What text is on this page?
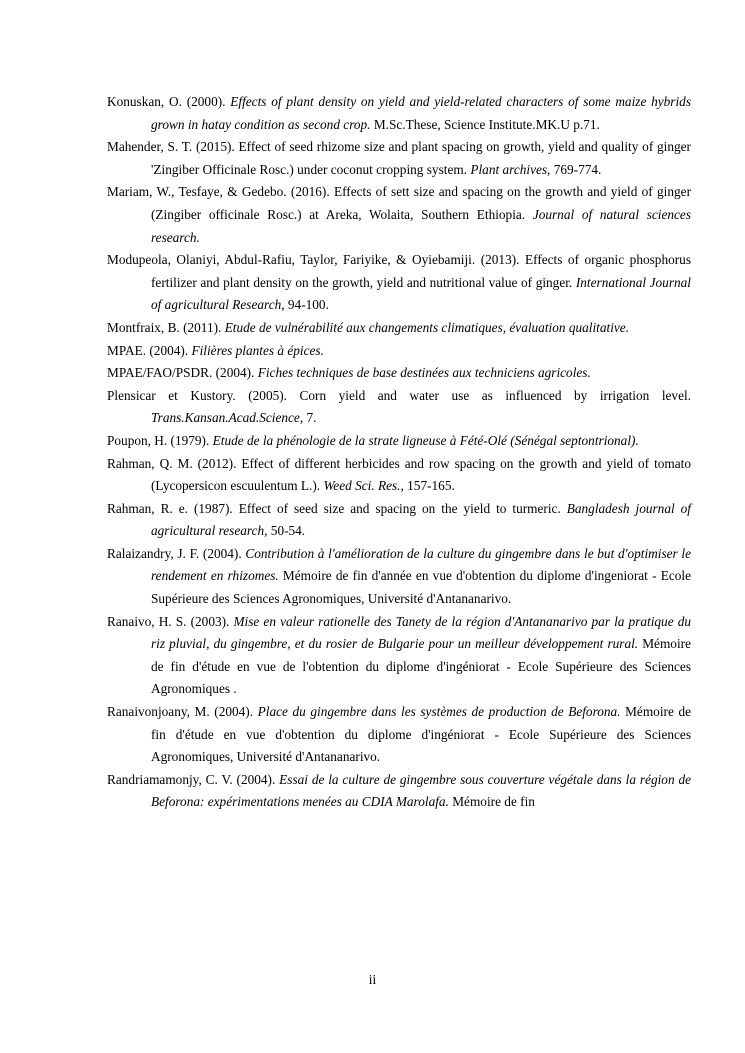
Konuskan, O. (2000). Effects of plant density on yield and yield-related characters of some maize hybrids grown in hatay condition as second crop. M.Sc.These, Science Institute.MK.U p.71.

Mahender, S. T. (2015). Effect of seed rhizome size and plant spacing on growth, yield and quality of ginger 'Zingiber Officinale Rosc.) under coconut cropping system. Plant archives, 769-774.

Mariam, W., Tesfaye, & Gedebo. (2016). Effects of sett size and spacing on the growth and yield of ginger (Zingiber officinale Rosc.) at Areka, Wolaita, Southern Ethiopia. Journal of natural sciences research.

Modupeola, Olaniyi, Abdul-Rafiu, Taylor, Fariyike, & Oyiebamiji. (2013). Effects of organic phosphorus fertilizer and plant density on the growth, yield and nutritional value of ginger. International Journal of agricultural Research, 94-100.

Montfraix, B. (2011). Etude de vulnérabilité aux changements climatiques, évaluation qualitative.

MPAE. (2004). Filières plantes à épices.

MPAE/FAO/PSDR. (2004). Fiches techniques de base destinées aux techniciens agricoles.

Plensicar et Kustory. (2005). Corn yield and water use as influenced by irrigation level. Trans.Kansan.Acad.Science, 7.

Poupon, H. (1979). Etude de la phénologie de la strate ligneuse à Fété-Olé (Sénégal septontrional).

Rahman, Q. M. (2012). Effect of different herbicides and row spacing on the growth and yield of tomato (Lycopersicon escuulentum L.). Weed Sci. Res., 157-165.

Rahman, R. e. (1987). Effect of seed size and spacing on the yield to turmeric. Bangladesh journal of agricultural research, 50-54.

Ralaizandry, J. F. (2004). Contribution à l'amélioration de la culture du gingembre dans le but d'optimiser le rendement en rhizomes. Mémoire de fin d'année en vue d'obtention du diplome d'ingeniorat - Ecole Supérieure des Sciences Agronomiques, Université d'Antananarivo.

Ranaivo, H. S. (2003). Mise en valeur rationelle des Tanety de la région d'Antananarivo par la pratique du riz pluvial, du gingembre, et du rosier de Bulgarie pour un meilleur développement rural. Mémoire de fin d'étude en vue de l'obtention du diplome d'ingéniorat - Ecole Supérieure des Sciences Agronomiques .

Ranaivonjoany, M. (2004). Place du gingembre dans les systèmes de production de Beforona. Mémoire de fin d'étude en vue d'obtention du diplome d'ingéniorat - Ecole Supérieure des Sciences Agronomiques, Université d'Antananarivo.

Randriamamonjy, C. V. (2004). Essai de la culture de gingembre sous couverture végétale dans la région de Beforona: expérimentations menées au CDIA Marolafa. Mémoire de fin

ii
